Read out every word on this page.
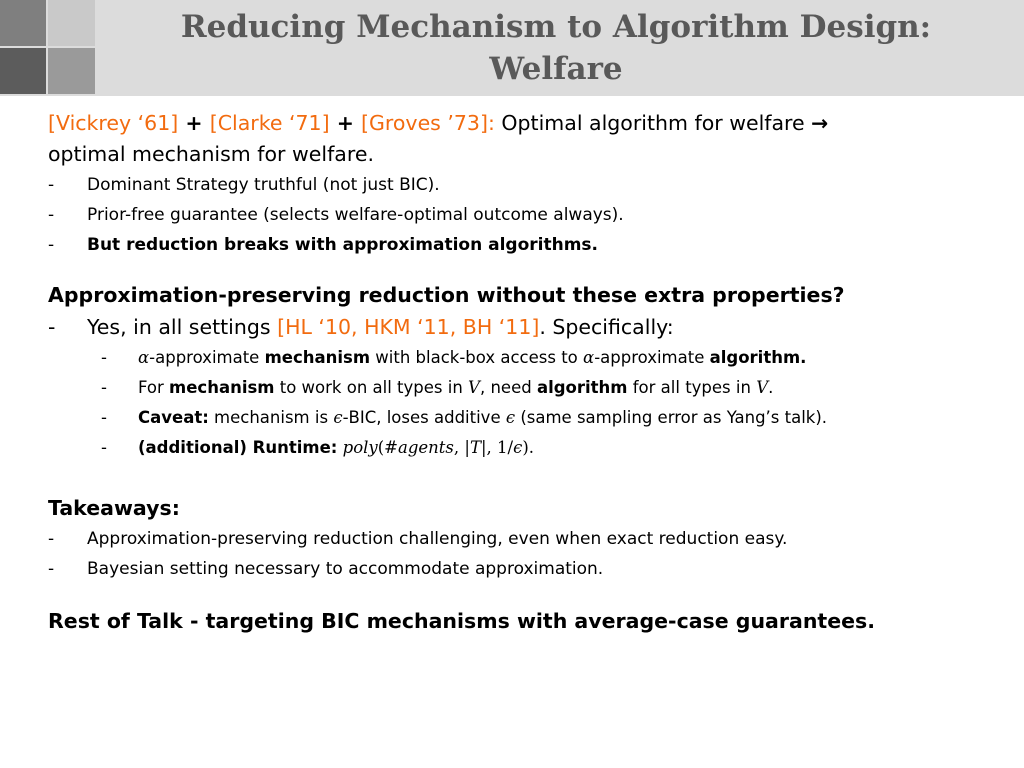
Reducing Mechanism to Algorithm Design:
Welfare

[Vickrey ‘61] + [Clarke ‘71] + [Groves ’73]: Optimal algorithm for welfare →
optimal mechanism for welfare.

- Dominant Strategy truthful (not just BIC).

- Prior-free guarantee (selects welfare-optimal outcome always).

- But reduction breaks with approximation algorithms.

Approximation-preserving reduction without these extra properties?

- Yes, in all settings [HL ‘10, HKM ‘11, BH ‘11]. Specifically:

- α-approximate mechanism with black-box access to α-approximate algorithm.

- For mechanism to work on all types in V, need algorithm for all types in V.

- Caveat: mechanism is ϵ-BIC, loses additive ϵ (same sampling error as Yang’s talk).

- (additional) Runtime: poly(#agents, |T|, 1/ϵ).

Takeaways:

- Approximation-preserving reduction challenging, even when exact reduction easy.

- Bayesian setting necessary to accommodate approximation.

Rest of Talk - targeting BIC mechanisms with average-case guarantees.
